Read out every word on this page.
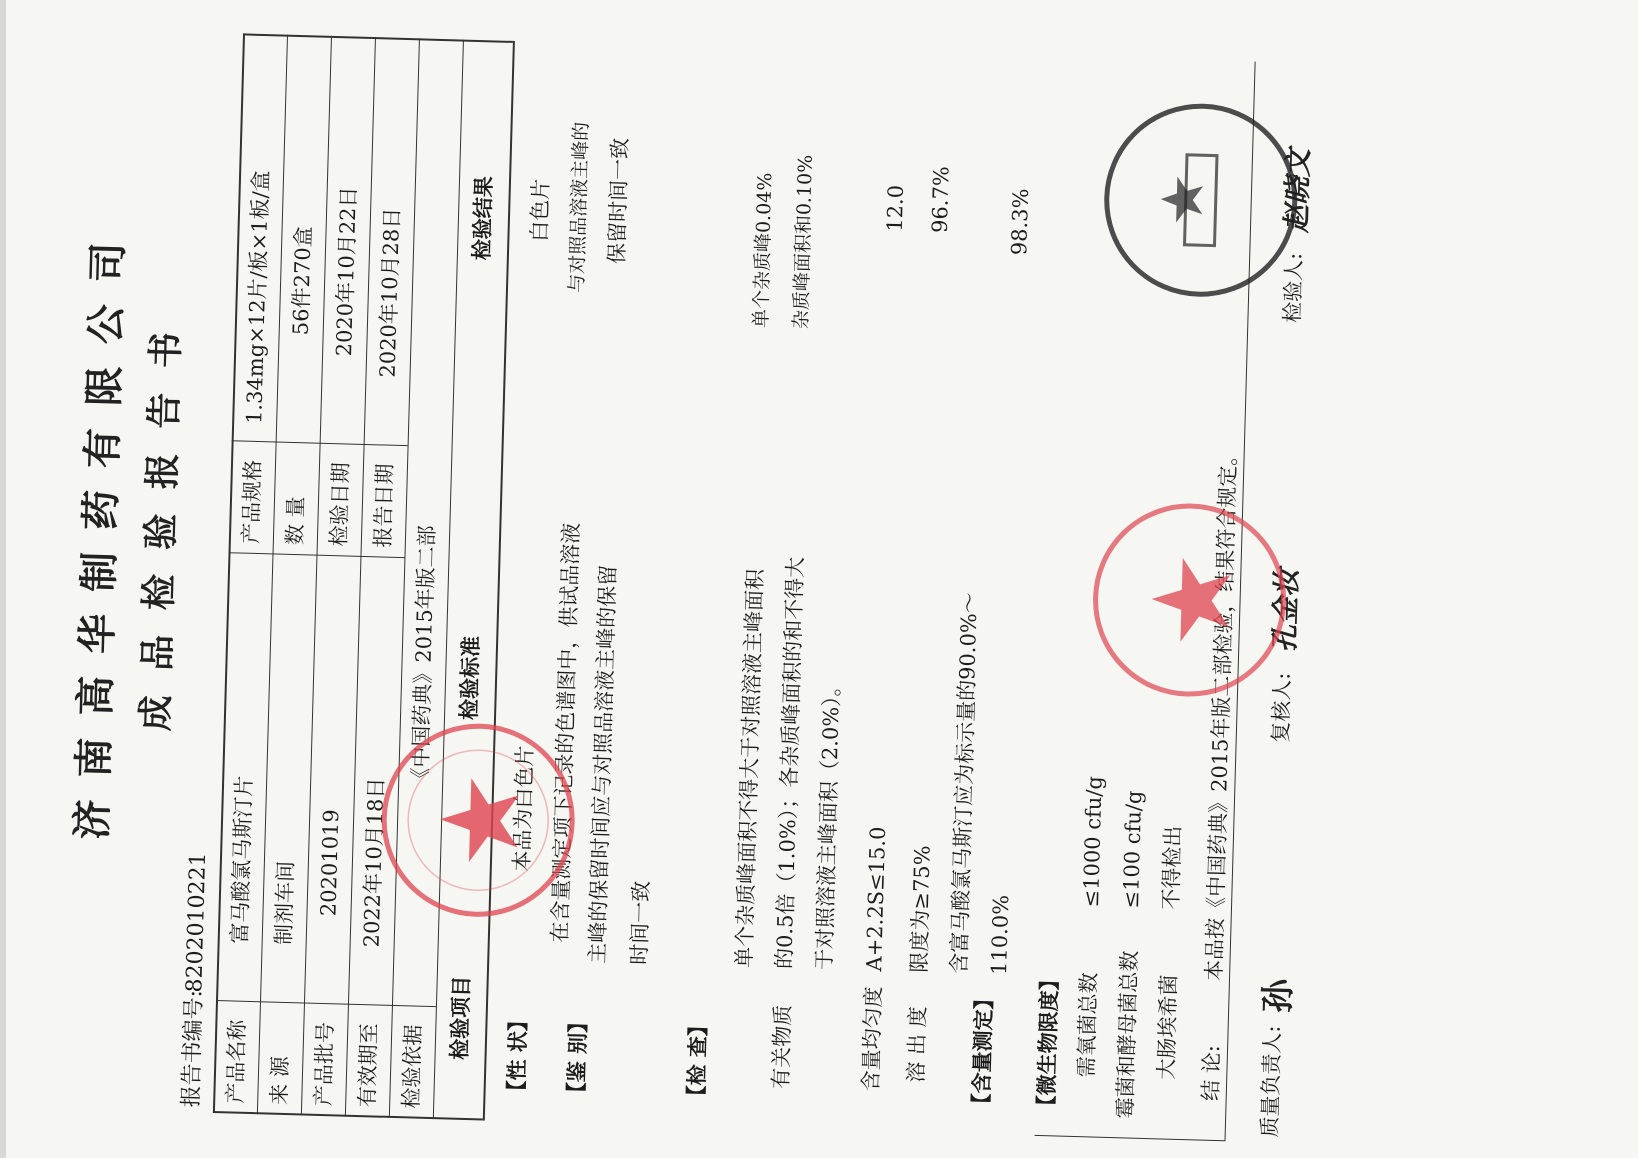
济 南 高 华 制 药 有 限 公 司 成 品 检 验 报 告 书
报告书编号:
8202010221
产品名称
富马酸氯马斯汀片
产品规格
1.34mg×12片/板×1板/盒
来 源
制剂车间
数 量
56件270盒
产品批号
2020101​9
检验日期
2020年10月22日
有效期至
2022年10月18日
报告日期
2020年10月28日
检验依据
《中国药典》2015年版二部
检验项目
检验标准
检验结果
【性 状】
本品为白色片
白色片
【鉴 别】
在含量测定项下记录的色谱图中，供试品溶液 主峰的保留时间应与对照品溶液主峰的保留 时间一致
与对照品溶液主峰的 保留时间一致
【检 查】	有关物质
单个杂质峰面积不得大于对照溶液主峰面积 的0.5倍（1.0%）；各杂质峰面积的和不得大 于对照溶液主峰面积（2.0%）。
单个杂质峰0.04% 杂质峰面积和0.10%
含量均匀度
A+2.2S≤15.0
12.0
溶 出 度
限度为≥75%
96.7%
【含量测定】
含富马酸氯马斯汀应为标示量的90.0%～ 110.0%
98.3%
【微生物限度】 需氧菌总数
≤1000 cfu/g
霉菌和酵母菌总数
≤100 cfu/g
大肠埃希菌
不得检出
结 论:
本品按《中国药典》2015年版二部检验，结果符合规定。
质量负责人:
孙
复核人:
孔金妆
检验人:
赵晓文
